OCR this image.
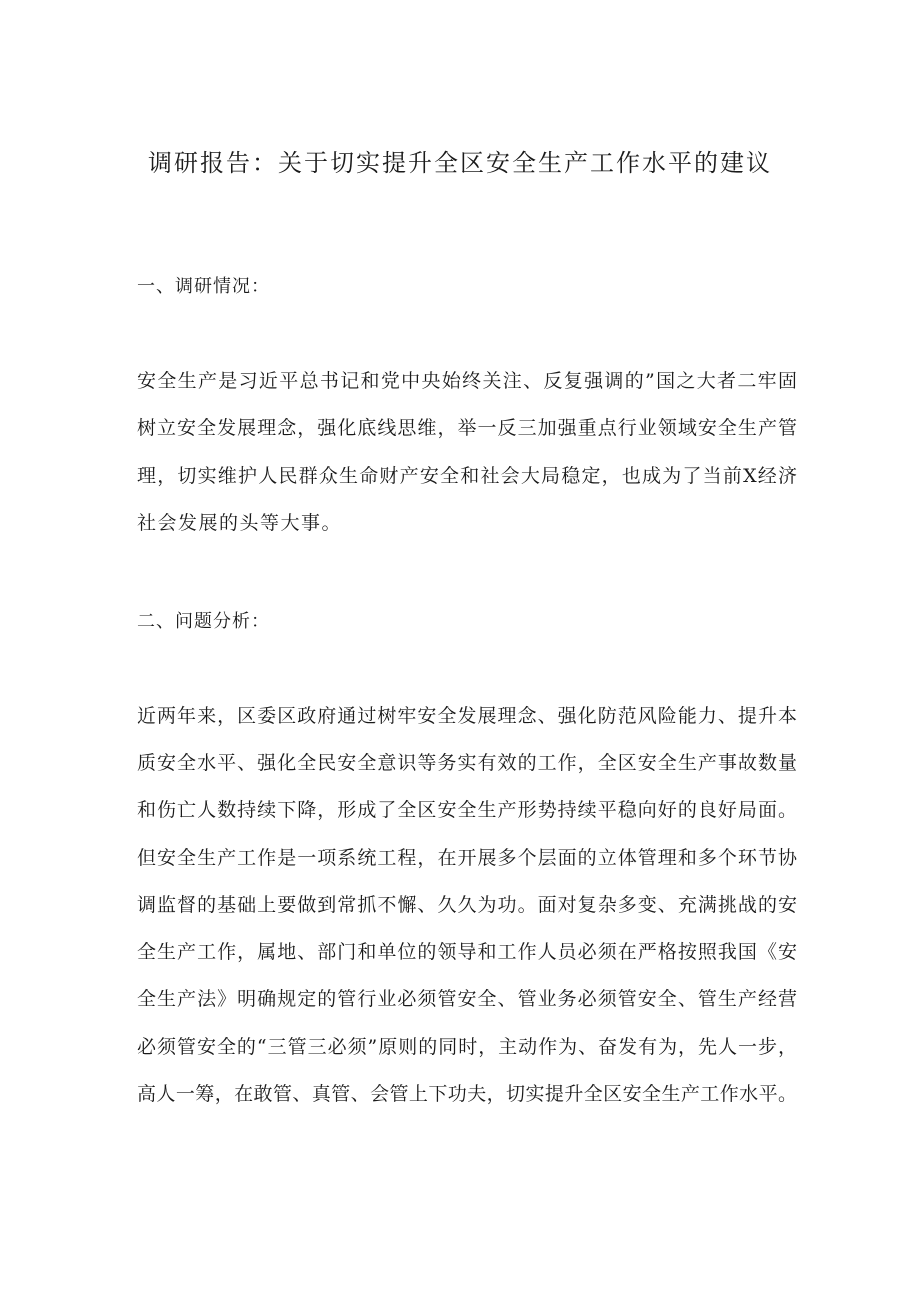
调研报告：关于切实提升全区安全生产工作水平的建议
一、调研情况：
安全生产是习近平总书记和党中央始终关注、反复强调的”国之大者二牢固
树立安全发展理念，强化底线思维，举一反三加强重点行业领域安全生产管
理，切实维护人民群众生命财产安全和社会大局稳定，也成为了当前X经济
社会发展的头等大事。
二、问题分析：
近两年来，区委区政府通过树牢安全发展理念、强化防范风险能力、提升本
质安全水平、强化全民安全意识等务实有效的工作，全区安全生产事故数量
和伤亡人数持续下降，形成了全区安全生产形势持续平稳向好的良好局面。
但安全生产工作是一项系统工程，在开展多个层面的立体管理和多个环节协
调监督的基础上要做到常抓不懈、久久为功。面对复杂多变、充满挑战的安
全生产工作，属地、部门和单位的领导和工作人员必须在严格按照我国《安
全生产法》明确规定的管行业必须管安全、管业务必须管安全、管生产经营
必须管安全的“三管三必须”原则的同时，主动作为、奋发有为，先人一步，
高人一筹，在敢管、真管、会管上下功夫，切实提升全区安全生产工作水平。
